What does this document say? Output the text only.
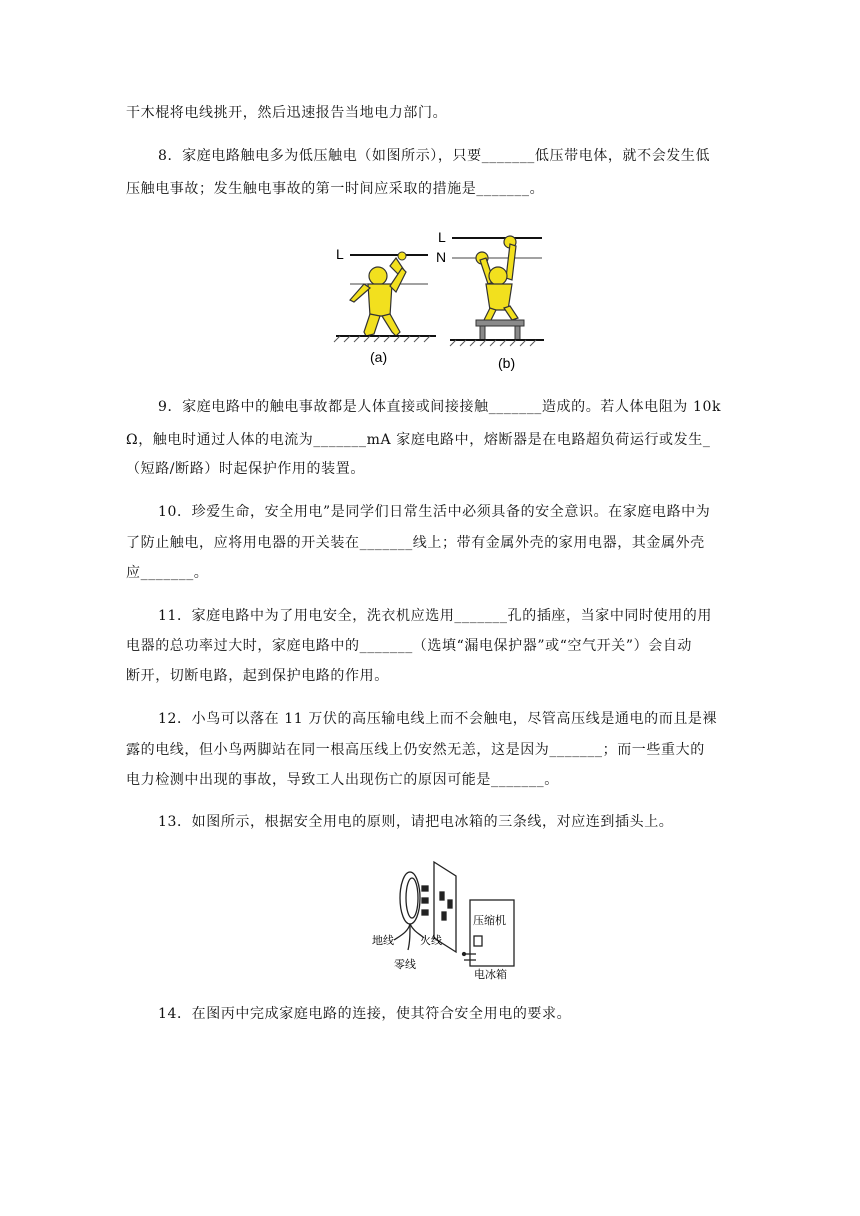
干木棍将电线挑开，然后迅速报告当地电力部门。
8．家庭电路触电多为低压触电（如图所示），只要_______低压带电体，就不会发生低
压触电事故；发生触电事故的第一时间应采取的措施是_______。
L
(a)
L
N
(b)
9．家庭电路中的触电事故都是人体直接或间接接触_______造成的。若人体电阻为 10k
Ω，触电时通过人体的电流为_______mA 家庭电路中，熔断器是在电路超负荷运行或发生_
（短路/断路）时起保护作用的装置。
10．珍爱生命，安全用电”是同学们日常生活中必须具备的安全意识。在家庭电路中为
了防止触电，应将用电器的开关装在_______线上；带有金属外壳的家用电器，其金属外壳
应_______。
11．家庭电路中为了用电安全，洗衣机应选用_______孔的插座，当家中同时使用的用
电器的总功率过大时，家庭电路中的_______（选填“漏电保护器”或“空气开关”）会自动
断开，切断电路，起到保护电路的作用。
12．小鸟可以落在 11 万伏的高压输电线上而不会触电，尽管高压线是通电的而且是裸
露的电线，但小鸟两脚站在同一根高压线上仍安然无恙，这是因为_______；而一些重大的
电力检测中出现的事故，导致工人出现伤亡的原因可能是_______。
13．如图所示，根据安全用电的原则，请把电冰箱的三条线，对应连到插头上。
地线 火线
零线
压缩机
电冰箱
14．在图丙中完成家庭电路的连接，使其符合安全用电的要求。
